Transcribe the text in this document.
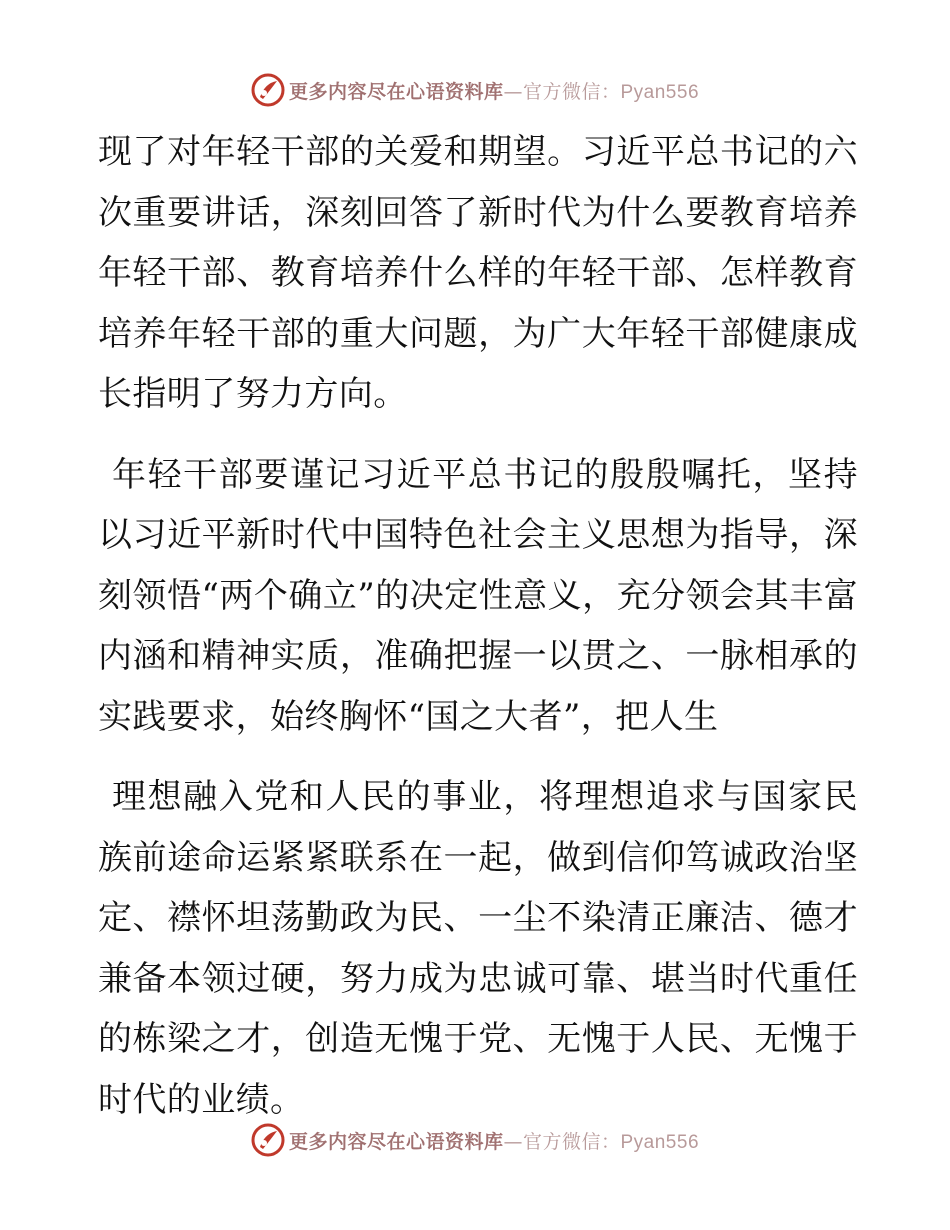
更多内容尽在心语资料库—官方微信：Pyan556

现了对年轻干部的关爱和期望。习近平总书记的六次重要讲话，深刻回答了新时代为什么要教育培养年轻干部、教育培养什么样的年轻干部、怎样教育培养年轻干部的重大问题，为广大年轻干部健康成长指明了努力方向。

年轻干部要谨记习近平总书记的殷殷嘱托，坚持以习近平新时代中国特色社会主义思想为指导，深刻领悟“两个确立”的决定性意义，充分领会其丰富内涵和精神实质，准确把握一以贯之、一脉相承的实践要求，始终胸怀“国之大者”，把人生

理想融入党和人民的事业，将理想追求与国家民族前途命运紧紧联系在一起，做到信仰笃诚政治坚定、襟怀坦荡勤政为民、一尘不染清正廉洁、德才兼备本领过硬，努力成为忠诚可靠、堪当时代重任的栋梁之才，创造无愧于党、无愧于人民、无愧于时代的业绩。

更多内容尽在心语资料库—官方微信：Pyan556
